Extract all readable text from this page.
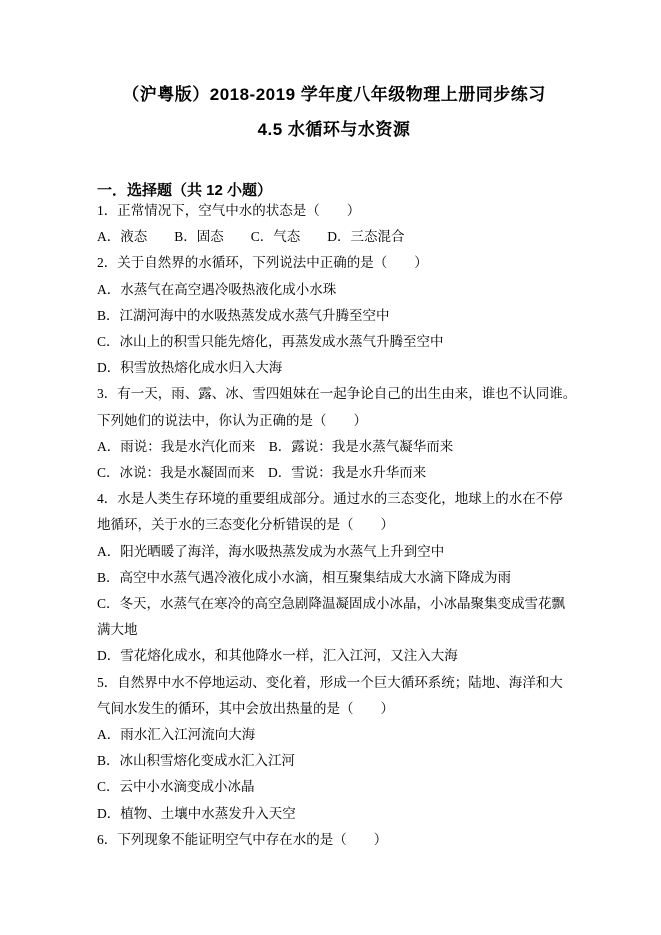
（沪粤版）2018-2019 学年度八年级物理上册同步练习
4.5 水循环与水资源
一．选择题（共 12 小题）
1．正常情况下，空气中水的状态是（　　）
A．液态　　B．固态　　C．气态　　D．三态混合
2．关于自然界的水循环，下列说法中正确的是（　　）
A．水蒸气在高空遇冷吸热液化成小水珠
B．江湖河海中的水吸热蒸发成水蒸气升腾至空中
C．冰山上的积雪只能先熔化，再蒸发成水蒸气升腾至空中
D．积雪放热熔化成水归入大海
3．有一天，雨、露、冰、雪四姐妹在一起争论自己的出生由来，谁也不认同谁。
下列她们的说法中，你认为正确的是（　　）
A．雨说：我是水汽化而来　B．露说：我是水蒸气凝华而来
C．冰说：我是水凝固而来　D．雪说：我是水升华而来
4．水是人类生存环境的重要组成部分。通过水的三态变化，地球上的水在不停
地循环，关于水的三态变化分析错误的是（　　）
A．阳光晒暖了海洋，海水吸热蒸发成为水蒸气上升到空中
B．高空中水蒸气遇冷液化成小水滴，相互聚集结成大水滴下降成为雨
C．冬天，水蒸气在寒冷的高空急剧降温凝固成小冰晶，小冰晶聚集变成雪花飘
满大地
D．雪花熔化成水，和其他降水一样，汇入江河，又注入大海
5．自然界中水不停地运动、变化着，形成一个巨大循环系统；陆地、海洋和大
气间水发生的循环，其中会放出热量的是（　　）
A．雨水汇入江河流向大海
B．冰山积雪熔化变成水汇入江河
C．云中小水滴变成小冰晶
D．植物、土壤中水蒸发升入天空
6．下列现象不能证明空气中存在水的是（　　）
